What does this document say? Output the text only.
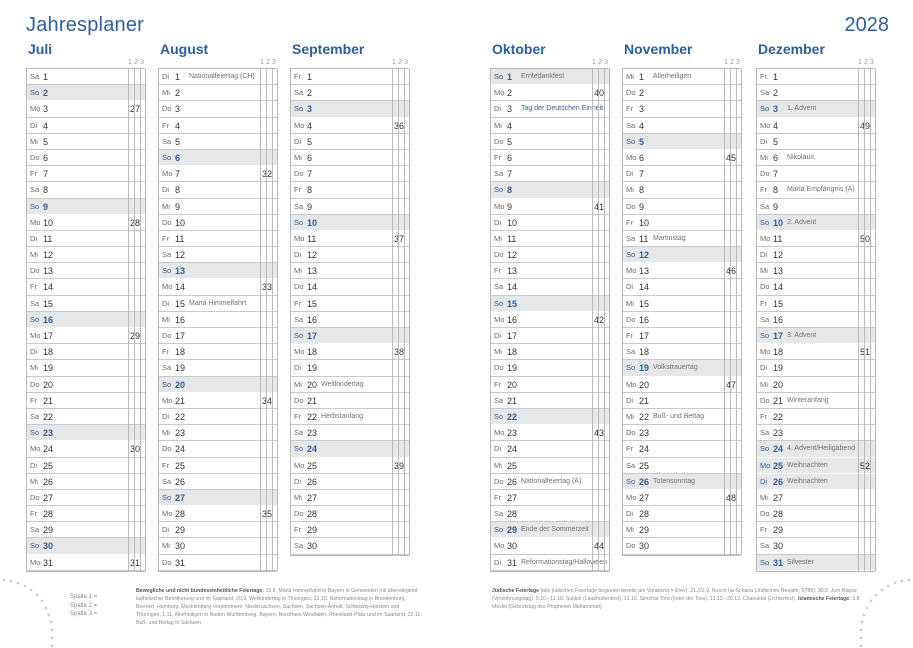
Jahresplaner	2028
Juli
1 2 3
Sa 1
So 2
Mo 3	27
Di 4
Mi 5
Do 6
Fr 7
Sa 8
So 9
Mo 10	28
Di 11
Mi 12
Do 13
Fr 14
Sa 15
So 16
Mo 17	29
Di 18
Mi 19
Do 20
Fr 21
Sa 22
So 23
Mo 24	30
Di 25
Mi 26
Do 27
Fr 28
Sa 29
So 30
Mo 31	31
August
1 2 3
Di 1 Nationalfeiertag (CH)
Mi 2
Do 3
Fr 4
Sa 5
So 6
Mo 7	32
Di 8
Mi 9
Do 10
Fr 11
Sa 12
So 13
Mo 14	33
Di 15 Mariä Himmelfahrt
Mi 16
Do 17
Fr 18
Sa 19
So 20
Mo 21	34
Di 22
Mi 23
Do 24
Fr 25
Sa 26
So 27
Mo 28	35
Di 29
Mi 30
Do 31
September
1 2 3
Fr 1
Sa 2
So 3
Mo 4	36
Di 5
Mi 6
Do 7
Fr 8
Sa 9
So 10
Mo 11	37
Di 12
Mi 13
Do 14
Fr 15
Sa 16
So 17
Mo 18	38
Di 19
Mi 20 Weltkindertag
Do 21
Fr 22 Herbstanfang
Sa 23
So 24
Mo 25	39
Di 26
Mi 27
Do 28
Fr 29
Sa 30
Oktober
1 2 3
So 1 Erntedankfest
Mo 2	40
Di 3 Tag der Deutschen Einheit
Mi 4
Do 5
Fr 6
Sa 7
So 8
Mo 9	41
Di 10
Mi 11
Do 12
Fr 13
Sa 14
So 15
Mo 16	42
Di 17
Mi 18
Do 19
Fr 20
Sa 21
So 22
Mo 23	43
Di 24
Mi 25
Do 26 Nationalfeiertag (A)
Fr 27
Sa 28
So 29 Ende der Sommerzeit
Mo 30	44
Di 31 Reformationstag/Halloween
November
1 2 3
Mi 1 Allerheiligen
Do 2
Fr 3
Sa 4
So 5
Mo 6	45
Di 7
Mi 8
Do 9
Fr 10
Sa 11 Martinstag
So 12
Mo 13	46
Di 14
Mi 15
Do 16
Fr 17
Sa 18
So 19 Volkstrauertag
Mo 20	47
Di 21
Mi 22 Buß- und Bettag
Do 23
Fr 24
Sa 25
So 26 Totensonntag
Mo 27	48
Di 28
Mi 29
Do 30
Dezember
1 2 3
Fr 1
Sa 2
So 3 1. Advent
Mo 4	49
Di 5
Mi 6 Nikolaus
Do 7
Fr 8 Mariä Empfängnis (A)
Sa 9
So 10 2. Advent
Mo 11	50
Di 12
Mi 13
Do 14
Fr 15
Sa 16
So 17 3. Advent
Mo 18	51
Di 19
Mi 20
Do 21 Winteranfang
Fr 22
Sa 23
So 24 4. Advent/Heiligabend
Mo 25 Weihnachten	52
Di 26 Weihnachten
Mi 27
Do 28
Fr 29
Sa 30
So 31 Silvester
Spalte 1 =
Spalte 2 =
Spalte 3 =
Bewegliche und nicht bundeseinheitliche Feiertage: 15.8. Mariä Himmelfahrt in Bayern in Gemeinden mit überwiegend katholischer Bevölkerung und im Saarland, 20.9. Weltkindertag in Thüringen, 31.10. Reformationstag in Brandenburg, Bremen, Hamburg, Mecklenburg-Vorpommern, Niedersachsen, Sachsen, Sachsen-Anhalt, Schleswig-Holstein und Thüringen, 1.11. Allerheiligen in Baden-Württemberg, Bayern, Nordrhein-Westfalen, Rheinland-Pfalz und im Saarland, 22.11. Buß- und Bettag in Sachsen.
Jüdische Feiertage (alle jüdischen Feiertage beginnen bereits am Vorabend = Erev): 21./22.9. Rosch ha-Schana (Jüdisches Neujahr, 5789), 30.9. Jom Kippur (Versöhnungstag), 5.10.–11.10. Sukkot (Laubhüttenfest), 13.10. Simchat Tora (Feier der Tora), 13.12.–20.12. Chanukka (Lichterfest). Islamische Feiertage: 3.8. Mevlid (Geburtstag des Propheten Muhammad).
